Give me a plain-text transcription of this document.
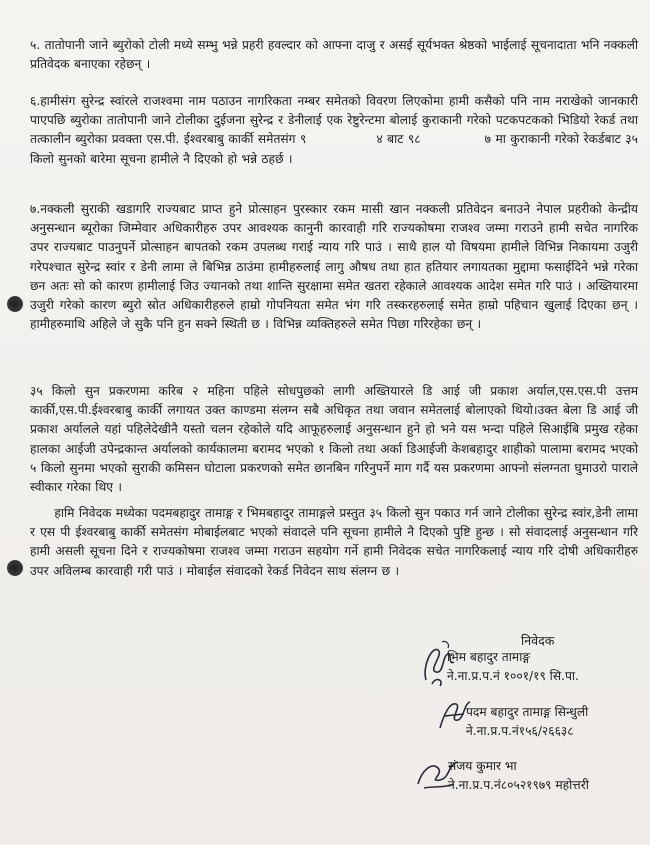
५. तातोपानी जाने ब्युरोको टोली मध्ये सम्भु भन्ने प्रहरी हवल्दार को आफ्ना दाजु र असई सूर्यभक्त श्रेष्ठको भाईलाई सूचनादाता भनि नक्कली प्रतिवेदक बनाएका रहेछन् ।
६.हामीसंग सुरेन्द्र स्वांरले राजश्वमा नाम पठाउन नागरिकता नम्बर समेतको विवरण लिएकोमा हामी कसैको पनि नाम नराखेको जानकारी पाएपछि ब्युरोका तातोपानी जाने टोलीका दुईजना सुरेन्द्र र डेनीलाई एक रेष्टुरेन्टमा बोलाई कुराकानी गरेको पटकपटकको भिडियो रेकर्ड तथा तत्कालीन ब्युरोका प्रवक्ता एस.पी. ईश्वरबाबु कार्की समेतसंग ९	४ बाट ९८	७ मा कुराकानी गरेको रेकर्डबाट ३५ किलो सुनको बारेमा सूचना हामीले नै दिएको हो भन्ने ठहर्छ ।
७.नक्कली सुराकी खडागरि राज्यबाट प्राप्त हुने प्रोत्साहन पुरस्कार रकम मासी खान नक्कली प्रतिवेदन बनाउने नेपाल प्रहरीको केन्द्रीय अनुसन्धान ब्यूरोका जिम्मेवार अधिकारीहरु उपर आवश्यक कानुनी कारवाही गरि राज्यकोषमा राजश्व जम्मा गराउने हामी सचेत नागरिक उपर राज्यबाट पाउनुपर्ने प्रोत्साहन बापतको रकम उपलब्ध गराई न्याय गरि पाउं । साथै हाल यो विषयमा हामीले विभिन्न निकायमा उजुरी गरेपश्चात सुरेन्द्र स्वांर र डेनी लामा ले बिभिन्न ठाउंमा हामीहरुलाई लागु औषध तथा हात हतियार लगायतका मुद्दामा फसाईदिने भन्ने गरेका छन अतः सो को कारण हामीलाई जिउ ज्यानको तथा शान्ति सुरक्षामा समेत खतरा रहेकाले आवश्यक आदेश समेत गरि पाउं । अख्तियारमा उजुरी गरेको कारण ब्युरो स्रोत अधिकारीहरुले हाम्रो गोपनियता समेत भंग गरि तस्करहरुलाई समेत हाम्रो पहिचान खुलाई दिएका छन् । हामीहरुमाथि अहिले जे सुकै पनि हुन सक्ने स्थिती छ । विभिन्न व्यक्तिहरुले समेत पिछा गरिरहेका छन् ।
३५ किलो सुन प्रकरणमा करिब २ महिना पहिले सोधपुछको लागी अख्तियारले डि आई जी प्रकाश अर्याल,एस.एस.पी उत्तम कार्की,एस.पी.ईश्वरबाबु कार्की लगायत उक्त काण्डमा संलग्न सबै अधिकृत तथा जवान समेतलाई बोलाएको थियो।उक्त बेला डि आई जी प्रकाश अर्यालले यहां पहिलेदेखीनै यस्तो चलन रहेकोले यदि आफूहरुलाई अनुसन्धान हुने हो भने यस भन्दा पहिले सिआईबि प्रमुख रहेका हालका आईजी उपेन्द्रकान्त अर्यालको कार्यकालमा बरामद भएको १ किलो तथा अर्का डिआईजी केशबहादुर शाहीको पालामा बरामद भएको ५ किलो सुनमा भएको सुराकी कमिसन घोटाला प्रकरणको समेत छानबिन गरिनुपर्ने माग गर्दै यस प्रकरणमा आफ्नो संलग्नता घुमाउरो पाराले स्वीकार गरेका थिए ।
  हामि निवेदक मध्येका पदमबहादुर तामाङ्ग र भिमबहादुर तामाङ्गले प्रस्तुत ३५ किलो सुन पकाउ गर्न जाने टोलीका सुरेन्द्र स्वांर,डेनी लामा र एस पी ईश्वरबाबु कार्की समेतसंग मोबाईलबाट भएको संवादले पनि सूचना हामीले नै दिएको पुष्टि हुन्छ । सो संवादलाई अनुसन्धान गरि हामी असली सूचना दिने र राज्यकोषमा राजश्व जम्मा गराउन सहयोग गर्ने हामी निवेदक सचेत नागरिकलाई न्याय गरि दोषी अधिकारीहरु उपर अविलम्ब कारवाही गरी पाउं । मोबाईल संवादको रेकर्ड निवेदन साथ संलग्न छ ।
निवेदक
भिम बहादुर तामाङ्ग
ने.ना.प्र.प.नं १००१/१९ सि.पा.
पदम बहादुर तामाङ्ग सिन्धुली
ने.ना.प्र.प.नं१५६/२६६३८
संजय कुमार भा
ने.ना.प्र.प.नं८०५२१९७९ महोत्तरी
